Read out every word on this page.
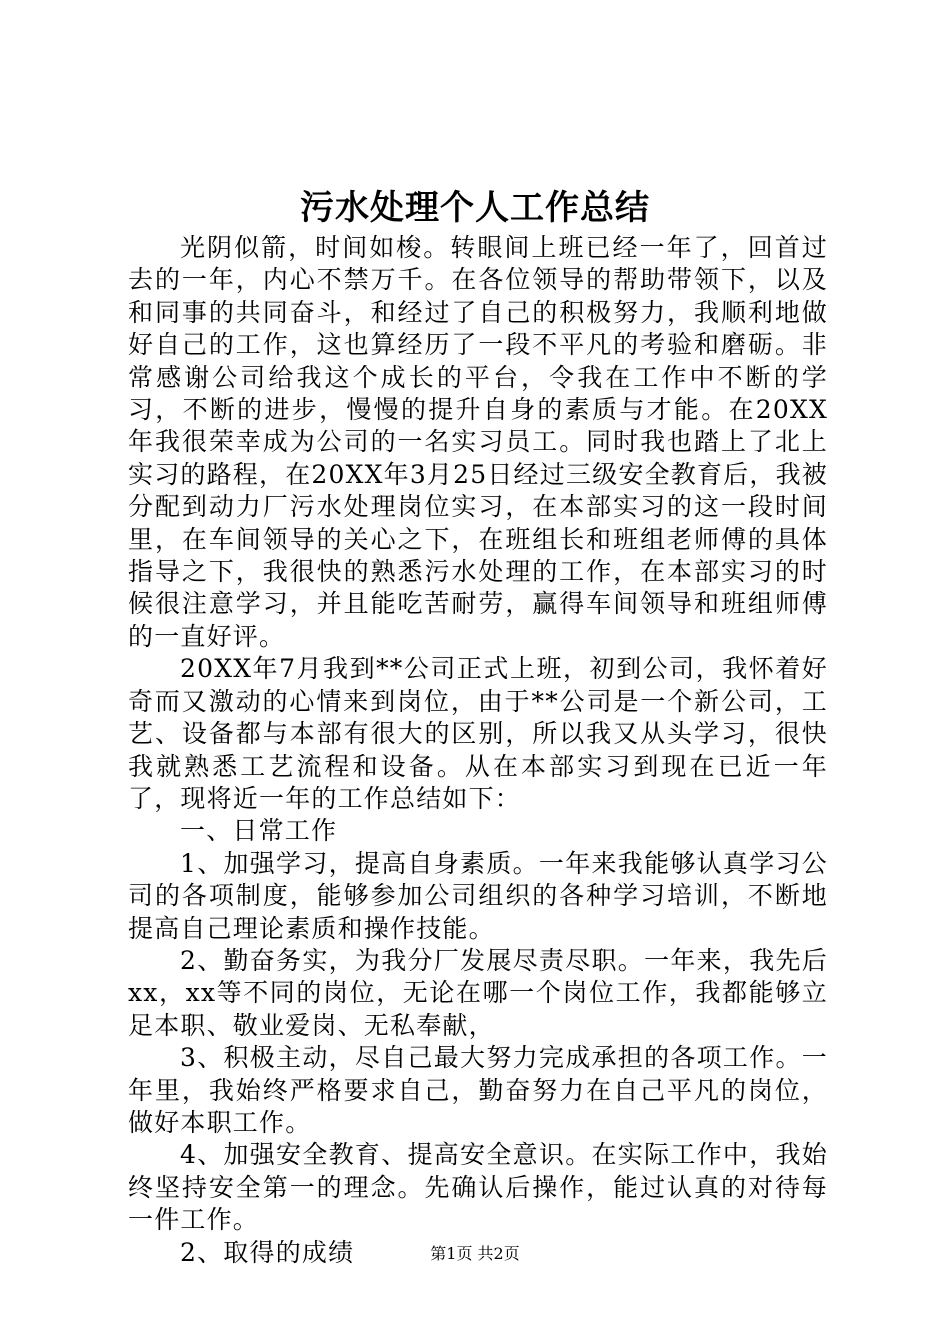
污水处理个人工作总结

光阴似箭，时间如梭。转眼间上班已经一年了，回首过去的一年，内心不禁万千。在各位领导的帮助带领下，以及和同事的共同奋斗，和经过了自己的积极努力，我顺利地做好自己的工作，这也算经历了一段不平凡的考验和磨砺。非常感谢公司给我这个成长的平台，令我在工作中不断的学习，不断的进步，慢慢的提升自身的素质与才能。在20XX年我很荣幸成为公司的一名实习员工。同时我也踏上了北上实习的路程，在20XX年3月25日经过三级安全教育后，我被分配到动力厂污水处理岗位实习，在本部实习的这一段时间里，在车间领导的关心之下，在班组长和班组老师傅的具体指导之下，我很快的熟悉污水处理的工作，在本部实习的时候很注意学习，并且能吃苦耐劳，赢得车间领导和班组师傅的一直好评。

20XX年7月我到**公司正式上班，初到公司，我怀着好奇而又激动的心情来到岗位，由于**公司是一个新公司，工艺、设备都与本部有很大的区别，所以我又从头学习，很快我就熟悉工艺流程和设备。从在本部实习到现在已近一年了，现将近一年的工作总结如下：

一、日常工作

1、加强学习，提高自身素质。一年来我能够认真学习公司的各项制度，能够参加公司组织的各种学习培训，不断地提高自己理论素质和操作技能。

2、勤奋务实，为我分厂发展尽责尽职。一年来，我先后xx，xx等不同的岗位，无论在哪一个岗位工作，我都能够立足本职、敬业爱岗、无私奉献，

3、积极主动，尽自己最大努力完成承担的各项工作。一年里，我始终严格要求自己，勤奋努力在自己平凡的岗位，做好本职工作。

4、加强安全教育、提高安全意识。在实际工作中，我始终坚持安全第一的理念。先确认后操作，能过认真的对待每一件工作。

2、取得的成绩	第1页 共2页
